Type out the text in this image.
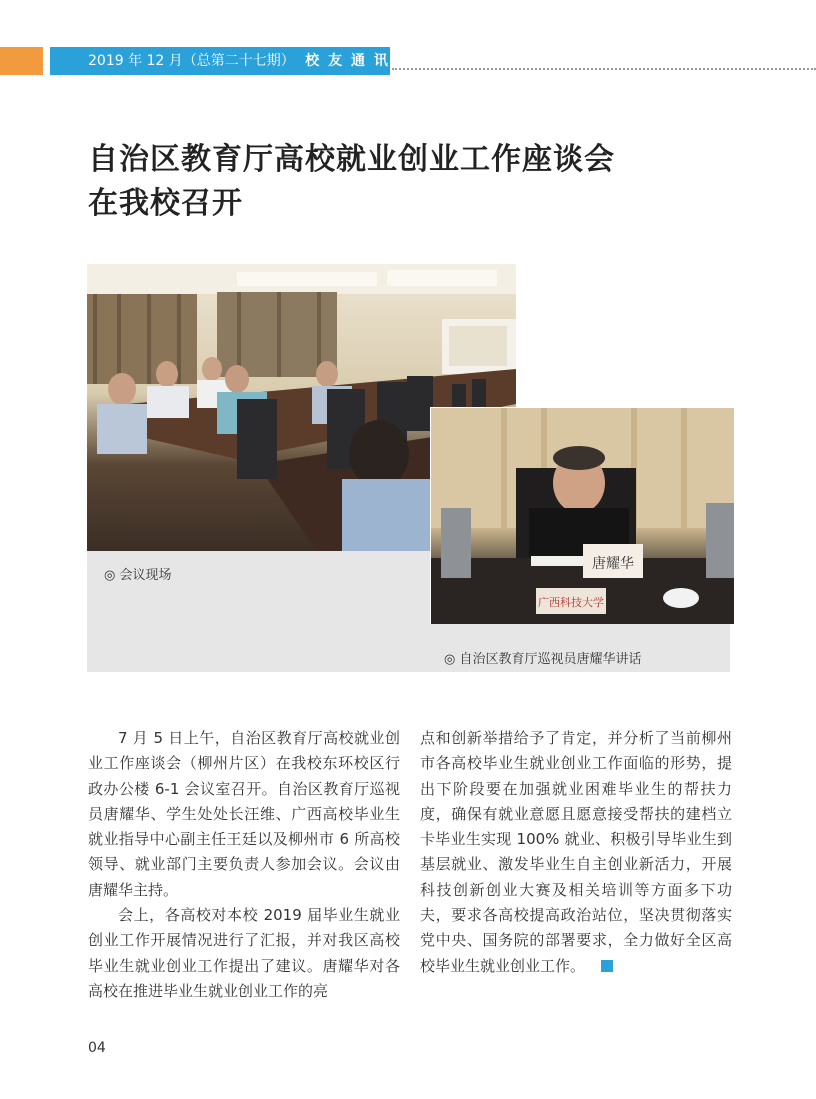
2019 年 12 月（总第二十七期） 校 友 通 讯
自治区教育厅高校就业创业工作座谈会
在我校召开
唐耀华
广西科技大学
◎ 会议现场
◎ 自治区教育厅巡视员唐耀华讲话

7 月 5 日上午，自治区教育厅高校就业创业工作座谈会（柳州片区）在我校东环校区行政办公楼 6-1 会议室召开。自治区教育厅巡视员唐耀华、学生处处长汪维、广西高校毕业生就业指导中心副主任王廷以及柳州市 6 所高校领导、就业部门主要负责人参加会议。会议由唐耀华主持。

会上，各高校对本校 2019 届毕业生就业创业工作开展情况进行了汇报，并对我区高校毕业生就业创业工作提出了建议。唐耀华对各高校在推进毕业生就业创业工作的亮

点和创新举措给予了肯定，并分析了当前柳州市各高校毕业生就业创业工作面临的形势，提出下阶段要在加强就业困难毕业生的帮扶力度，确保有就业意愿且愿意接受帮扶的建档立卡毕业生实现 100% 就业、积极引导毕业生到基层就业、激发毕业生自主创业新活力，开展科技创新创业大赛及相关培训等方面多下功夫，要求各高校提高政治站位，坚决贯彻落实党中央、国务院的部署要求，全力做好全区高校毕业生就业创业工作。

04
